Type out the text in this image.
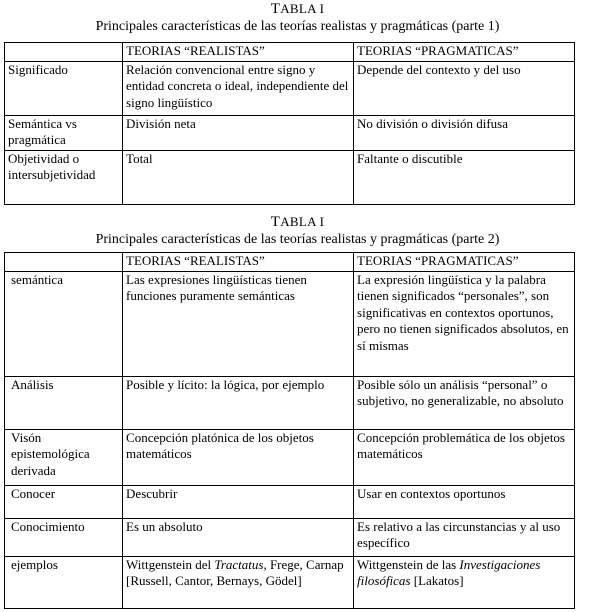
TABLA I
Principales características de las teorías realistas y pragmáticas (parte 1)
	TEORIAS “REALISTAS”	TEORIAS “PRAGMATICAS”
Significado	Relación convencional entre signo y entidad concreta o ideal, independiente del signo lingüístico	Depende del contexto y del uso
Semántica vs pragmática	División neta	No división o división difusa
Objetividad o intersubjetividad	Total	Faltante o discutible
TABLA I
Principales características de las teorías realistas y pragmáticas (parte 2)
	TEORIAS “REALISTAS”	TEORIAS “PRAGMATICAS”
semántica	Las expresiones lingüísticas tienen funciones puramente semánticas	La expresión lingüística y la palabra tienen significados “personales”, son significativas en contextos oportunos, pero no tienen significados absolutos, en sí mismas
Análisis	Posible y lícito: la lógica, por ejemplo	Posible sólo un análisis “personal” o subjetivo, no generalizable, no absoluto
Visón epistemológica derivada	Concepción platónica de los objetos matemáticos	Concepción problemática de los objetos matemáticos
Conocer	Descubrir	Usar en contextos oportunos
Conocimiento	Es un absoluto	Es relativo a las circunstancias y al uso específico
ejemplos	Wittgenstein del Tractatus, Frege, Carnap [Russell, Cantor, Bernays, Gödel]	Wittgenstein de las Investigaciones filosóficas [Lakatos]
